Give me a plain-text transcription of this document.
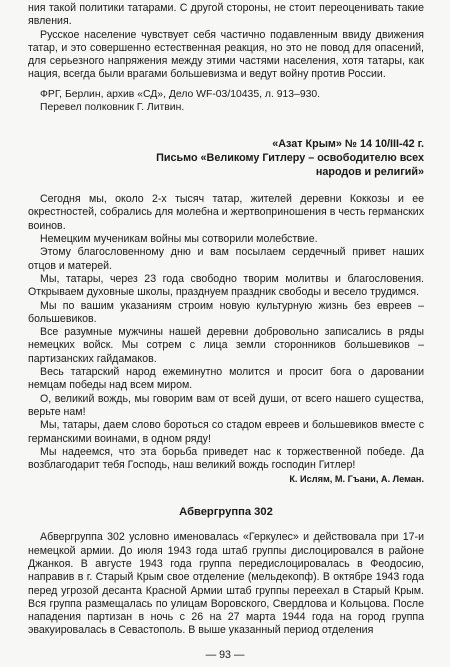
ния такой политики татарами. С другой стороны, не стоит переоценивать такие явления.

Русское население чувствует себя частично подавленным ввиду движения татар, и это совершенно естественная реакция, но это не повод для опасений, для серьезного напряжения между этими частями населения, хотя татары, как нация, всегда были врагами большевизма и ведут войну против России.

ФРГ, Берлин, архив «СД», Дело WF-03/10435, л. 913–930.

Перевел полковник Г. Литвин.

«Азат Крым» № 14 10/III-42 г.
Письмо «Великому Гитлеру – освободителю всех
народов и религий»

Сегодня мы, около 2-х тысяч татар, жителей деревни Коккозы и ее окрестностей, собрались для молебна и жертвоприношения в честь германских воинов.

Немецким мученикам войны мы сотворили молебствие.

Этому благословенному дню и вам посылаем сердечный привет наших отцов и матерей.

Мы, татары, через 23 года свободно творим молитвы и благословения. Открываем духовные школы, празднуем праздник свободы и весело трудимся.

Мы по вашим указаниям строим новую культурную жизнь без евреев – большевиков.

Все разумные мужчины нашей деревни добровольно записались в ряды немецких войск. Мы сотрем с лица земли сторонников большевиков – партизанских гайдамаков.

Весь татарский народ ежеминутно молится и просит бога о даровании немцам победы над всем миром.

О, великий вождь, мы говорим вам от всей души, от всего нашего существа, верьте нам!

Мы, татары, даем слово бороться со стадом евреев и большевиков вместе с германскими воинами, в одном ряду!

Мы надеемся, что эта борьба приведет нас к торжественной победе. Да возблагодарит тебя Господь, наш великий вождь господин Гитлер!

К. Ислям, М. Гъани, А. Леман.
Абвергруппа 302

Абвергруппа 302 условно именовалась «Геркулес» и действовала при 17-и немецкой армии. До июля 1943 года штаб группы дислоцировался в районе Джанкоя. В августе 1943 года группа передислоцировалась в Феодосию, направив в г. Старый Крым свое отделение (мельдекопф). В октябре 1943 года перед угрозой десанта Красной Армии штаб группы переехал в Старый Крым. Вся группа размещалась по улицам Воровского, Свердлова и Кольцова. После нападения партизан в ночь с 26 на 27 марта 1944 года на город группа эвакуировалась в Севастополь. В выше указанный период отделения

— 93 —
